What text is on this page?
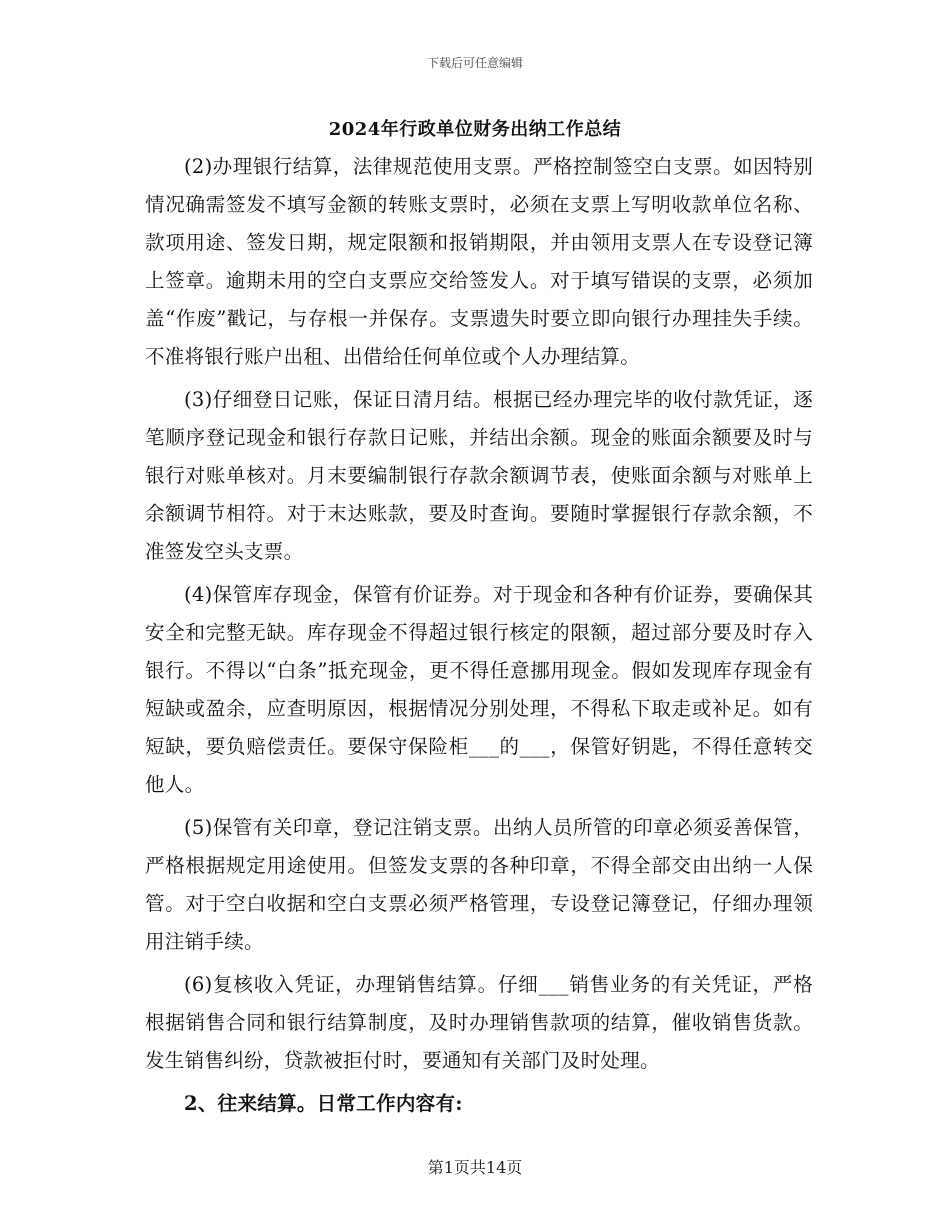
下载后可任意编辑
2024年行政单位财务出纳工作总结

(2)办理银行结算，法律规范使用支票。严格控制签空白支票。如因特别情况确需签发不填写金额的转账支票时，必须在支票上写明收款单位名称、款项用途、签发日期，规定限额和报销期限，并由领用支票人在专设登记簿上签章。逾期未用的空白支票应交给签发人。对于填写错误的支票，必须加盖“作废”戳记，与存根一并保存。支票遗失时要立即向银行办理挂失手续。不准将银行账户出租、出借给任何单位或个人办理结算。

(3)仔细登日记账，保证日清月结。根据已经办理完毕的收付款凭证，逐笔顺序登记现金和银行存款日记账，并结出余额。现金的账面余额要及时与银行对账单核对。月末要编制银行存款余额调节表，使账面余额与对账单上余额调节相符。对于末达账款，要及时查询。要随时掌握银行存款余额，不准签发空头支票。

(4)保管库存现金，保管有价证券。对于现金和各种有价证券，要确保其安全和完整无缺。库存现金不得超过银行核定的限额，超过部分要及时存入银行。不得以“白条”抵充现金，更不得任意挪用现金。假如发现库存现金有短缺或盈余，应查明原因，根据情况分别处理，不得私下取走或补足。如有短缺，要负赔偿责任。要保守保险柜___的___，保管好钥匙，不得任意转交他人。

(5)保管有关印章，登记注销支票。出纳人员所管的印章必须妥善保管，严格根据规定用途使用。但签发支票的各种印章，不得全部交由出纳一人保管。对于空白收据和空白支票必须严格管理，专设登记簿登记，仔细办理领用注销手续。

(6)复核收入凭证，办理销售结算。仔细___销售业务的有关凭证，严格根据销售合同和银行结算制度，及时办理销售款项的结算，催收销售货款。发生销售纠纷，贷款被拒付时，要通知有关部门及时处理。

2、往来结算。日常工作内容有:

第1页共14页
